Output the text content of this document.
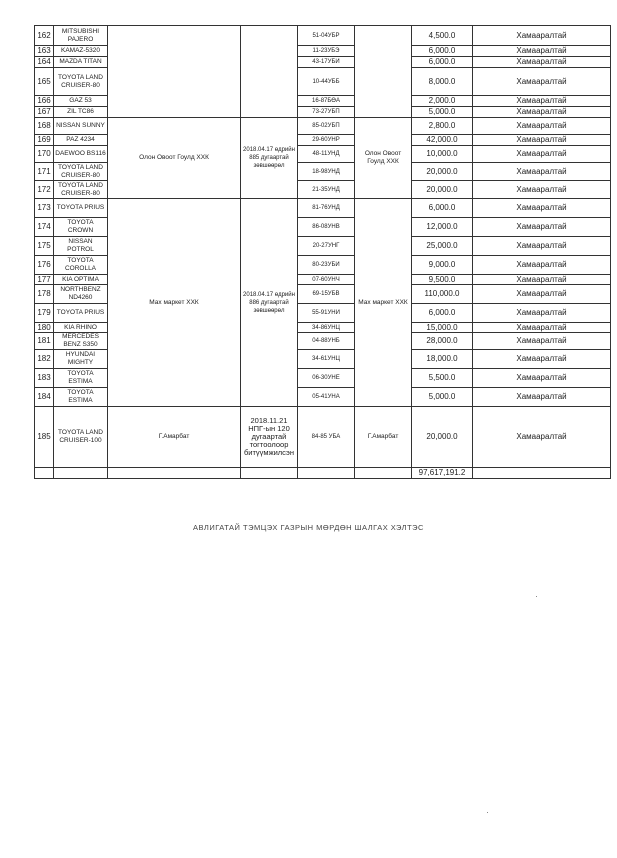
162	MITSUBISHI PAJERO			51-04УБР		4,500.0	Хамааралтай
163	KAMAZ-5320			11-23УБЭ		6,000.0	Хамааралтай
164	MAZDA TITAN			43-17УБИ		6,000.0	Хамааралтай
165	TOYOTA LAND CRUISER-80			10-44УББ		8,000.0	Хамааралтай
166	GAZ 53			16-87БӨА		2,000.0	Хамааралтай
167	ZIL TC86			73-27УБП		5,000.0	Хамааралтай
168	NISSAN SUNNY	Олон Овоот Гоулд ХХК	2018.04.17 өдрийн 885 дугаартай зөвшөөрөл	85-02УБП	Олон Овоот Гоулд ХХК	2,800.0	Хамааралтай
169	PAZ 4234			29-60УНР		42,000.0	Хамааралтай
170	DAEWOO BS116			48-11УНД		10,000.0	Хамааралтай
171	TOYOTA LAND CRUISER-80			18-98УНД		20,000.0	Хамааралтай
172	TOYOTA LAND CRUISER-80			21-35УНД		20,000.0	Хамааралтай
173	TOYOTA PRIUS	Мах маркет ХХК	2018.04.17 өдрийн 886 дугаартай зөвшөөрөл	81-76УНД	Мах маркет ХХК	6,000.0	Хамааралтай
174	TOYOTA CROWN			86-08УНВ		12,000.0	Хамааралтай
175	NISSAN POTROL			20-27УНГ		25,000.0	Хамааралтай
176	TOYOTA COROLLA			80-23УБИ		9,000.0	Хамааралтай
177	KIA OPTIMA			07-60УНЧ		9,500.0	Хамааралтай
178	NORTHBENZ ND4260			69-15УБВ		110,000.0	Хамааралтай
179	TOYOTA PRIUS			55-91УНИ		6,000.0	Хамааралтай
180	KIA RHINO			34-86УНЦ		15,000.0	Хамааралтай
181	MERCEDES BENZ S350			04-88УНБ		28,000.0	Хамааралтай
182	HYUNDAI MIGHTY			34-61УНЦ		18,000.0	Хамааралтай
183	TOYOTA ESTIMA			06-30УНЕ		5,500.0	Хамааралтай
184	TOYOTA ESTIMA			05-41УНА		5,000.0	Хамааралтай
185	TOYOTA LAND CRUISER-100	Г.Амарбат	2018.11.21 НПГ-ын 120 дугаартай тогтоолоор битүүмжилсэн	84-85 УБА	Г.Амарбат	20,000.0	Хамааралтай
						97,617,191.2	
АВЛИГАТАЙ ТЭМЦЭХ ГАЗРЫН МӨРДӨН ШАЛГАХ ХЭЛТЭС
